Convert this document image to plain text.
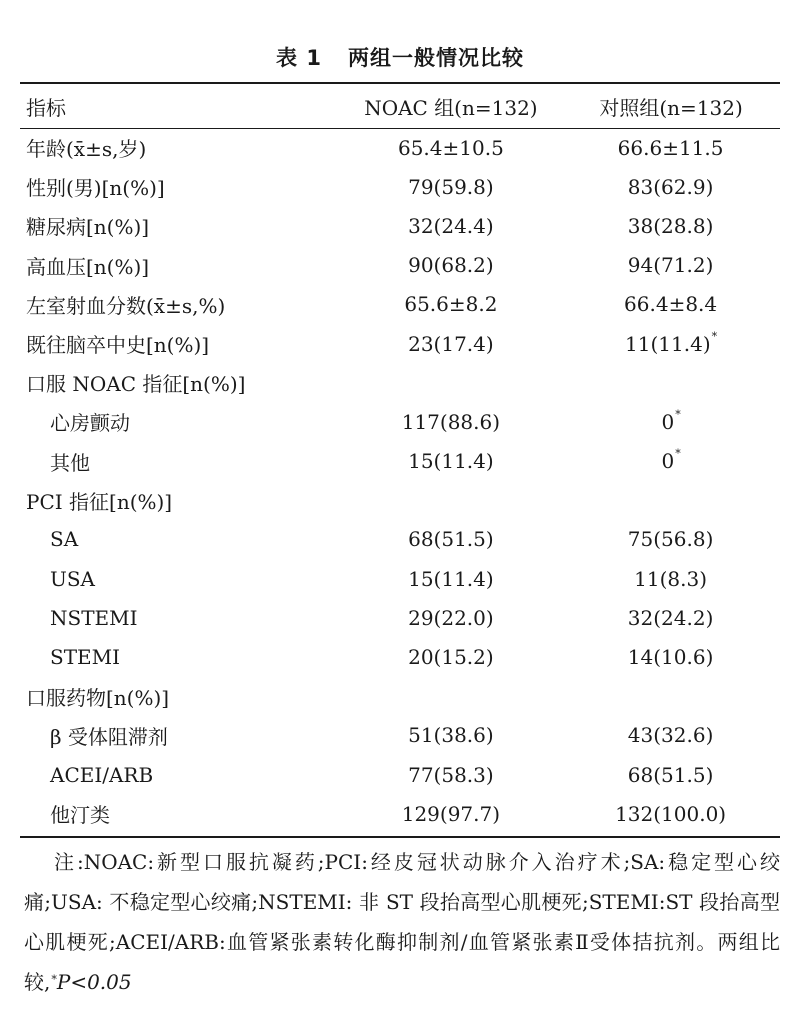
表 1 两组一般情况比较
指标	NOAC 组(n=132)	对照组(n=132)
年龄(x̄±s,岁)	65.4±10.5	66.6±11.5
性别(男)[n(%)]	79(59.8)	83(62.9)
糖尿病[n(%)]	32(24.4)	38(28.8)
高血压[n(%)]	90(68.2)	94(71.2)
左室射血分数(x̄±s,%)	65.6±8.2	66.4±8.4
既往脑卒中史[n(%)]	23(17.4)	11(11.4)*
口服 NOAC 指征[n(%)]		
心房颤动	117(88.6)	0*
其他	15(11.4)	0*
PCI 指征[n(%)]		
SA	68(51.5)	75(56.8)
USA	15(11.4)	11(8.3)
NSTEMI	29(22.0)	32(24.2)
STEMI	20(15.2)	14(10.6)
口服药物[n(%)]		
β 受体阻滞剂	51(38.6)	43(32.6)
ACEI/ARB	77(58.3)	68(51.5)
他汀类	129(97.7)	132(100.0)
注:NOAC:新型口服抗凝药;PCI:经皮冠状动脉介入治疗术;SA:稳定型心绞痛;USA: 不稳定型心绞痛;NSTEMI: 非 ST 段抬高型心肌梗死;STEMI:ST 段抬高型心肌梗死;ACEI/ARB:血管紧张素转化酶抑制剂/血管紧张素Ⅱ受体拮抗剂。两组比较,*P<0.05
